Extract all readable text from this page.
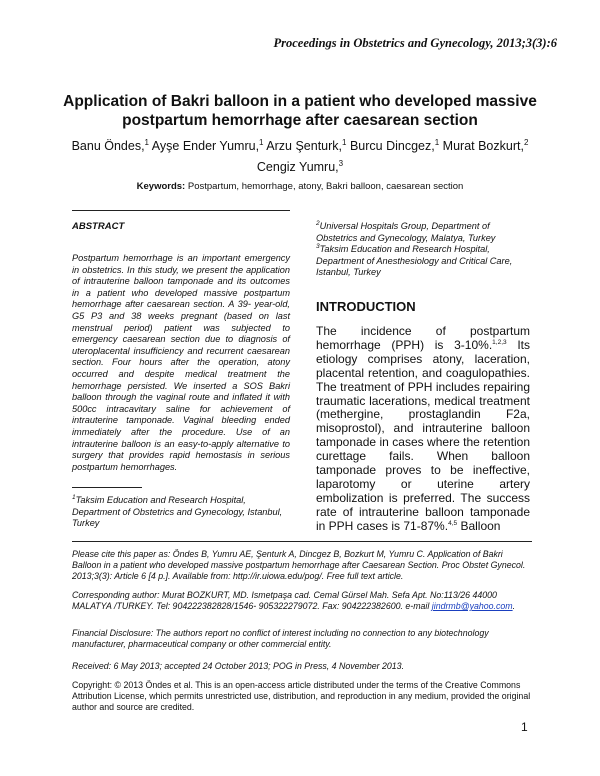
Proceedings in Obstetrics and Gynecology, 2013;3(3):6
Application of Bakri balloon in a patient who developed massive postpartum hemorrhage after caesarean section
Banu Öndes,$^1$ Ayşe Ender Yumru,$^1$ Arzu Şenturk,$^1$ Burcu Dincgez,$^1$ Murat Bozkurt,$^2$
Cengiz Yumru,$^3$
Keywords: Postpartum, hemorrhage, atony, Bakri balloon, caesarean section
ABSTRACT
Postpartum hemorrhage is an important emergency in obstetrics. In this study, we present the application of intrauterine balloon tamponade and its outcomes in a patient who developed massive postpartum hemorrhage after caesarean section. A 39- year-old, G5 P3 and 38 weeks pregnant (based on last menstrual period) patient was subjected to emergency caesarean section due to diagnosis of uteroplacental insufficiency and recurrent caesarean section. Four hours after the operation, atony occurred and despite medical treatment the hemorrhage persisted. We inserted a SOS Bakri balloon through the vaginal route and inflated it with 500cc intracavitary saline for achievement of intrauterine tamponade. Vaginal bleeding ended immediately after the procedure. Use of an intrauterine balloon is an easy-to-apply alternative to surgery that provides rapid hemostasis in serious postpartum hemorrhages.
$^1$Taksim Education and Research Hospital, Department of Obstetrics and Gynecology, Istanbul, Turkey
$^2$Universal Hospitals Group, Department of Obstetrics and Gynecology, Malatya, Turkey
$^3$Taksim Education and Research Hospital, Department of Anesthesiology and Critical Care, Istanbul, Turkey
INTRODUCTION
The incidence of postpartum hemorrhage (PPH) is 3-10%.$^{1,2,3}$ Its etiology comprises atony, laceration, placental retention, and coagulopathies. The treatment of PPH includes repairing traumatic lacerations, medical treatment (methergine, prostaglandin F2a, misoprostol), and intrauterine balloon tamponade in cases where the retention curettage fails. When balloon tamponade proves to be ineffective, laparotomy or uterine artery embolization is preferred. The success rate of intrauterine balloon tamponade in PPH cases is 71-87%.$^{4,5}$ Balloon
Please cite this paper as: Öndes B, Yumru AE, Şenturk A, Dincgez B, Bozkurt M, Yumru C. Application of Bakri Balloon in a patient who developed massive postpartum hemorrhage after Caesarean Section. Proc Obstet Gynecol. 2013;3(3): Article 6 [4 p.]. Available from: http://ir.uiowa.edu/pog/. Free full text article.
Corresponding author: Murat BOZKURT, MD. Ismetpaşa cad. Cemal Gürsel Mah. Sefa Apt. No:113/26 44000 MALATYA /TURKEY. Tel: 904222382828/1546- 905322279072. Fax: 904222382600. e-mail jindrmb@yahoo.com.
Financial Disclosure: The authors report no conflict of interest including no connection to any biotechnology manufacturer, pharmaceutical company or other commercial entity.
Received: 6 May 2013; accepted 24 October 2013; POG in Press, 4 November 2013.
Copyright: © 2013 Öndes et al. This is an open-access article distributed under the terms of the Creative Commons Attribution License, which permits unrestricted use, distribution, and reproduction in any medium, provided the original author and source are credited.
1
